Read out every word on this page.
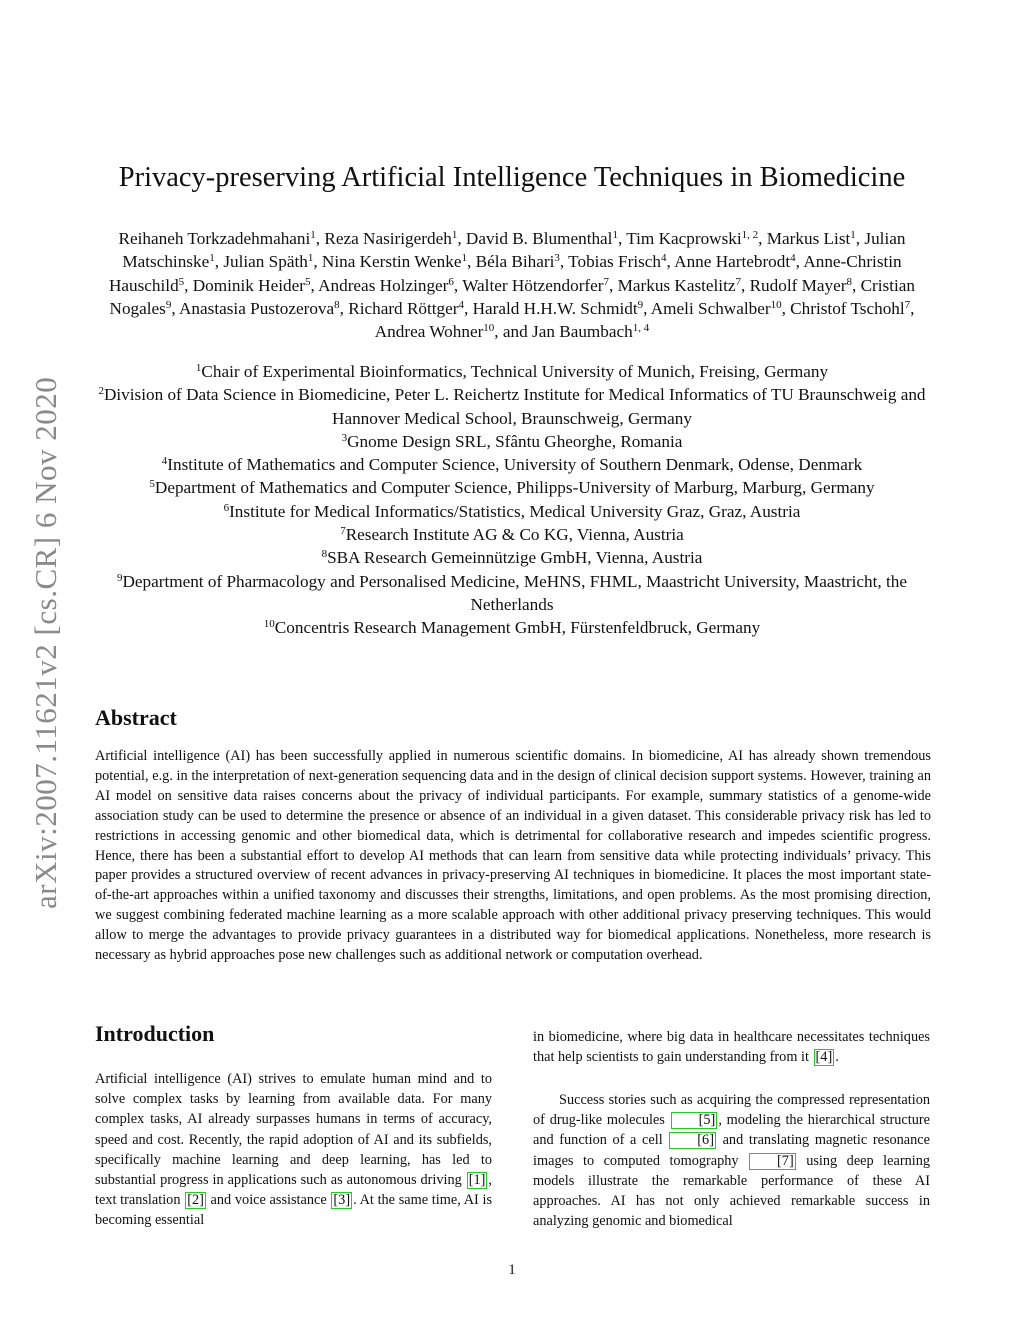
arXiv:2007.11621v2 [cs.CR] 6 Nov 2020
Privacy-preserving Artificial Intelligence Techniques in Biomedicine
Reihaneh Torkzadehmahani$^1$, Reza Nasirigerdeh$^1$, David B. Blumenthal$^1$, Tim Kacprowski$^{1, 2}$, Markus List$^1$, Julian Matschinske$^1$, Julian Späth$^1$, Nina Kerstin Wenke$^1$, Béla Bihari$^3$, Tobias Frisch$^4$, Anne Hartebrodt$^4$, Anne-Christin Hauschild$^5$, Dominik Heider$^5$, Andreas Holzinger$^6$, Walter Hötzendorfer$^7$, Markus Kastelitz$^7$, Rudolf Mayer$^8$, Cristian Nogales$^9$, Anastasia Pustozerova$^8$, Richard Röttger$^4$, Harald H.H.W. Schmidt$^9$, Ameli Schwalber$^{10}$, Christof Tschohl$^7$, Andrea Wohner$^{10}$, and Jan Baumbach$^{1, 4}$
$^1$Chair of Experimental Bioinformatics, Technical University of Munich, Freising, Germany
$^2$Division of Data Science in Biomedicine, Peter L. Reichertz Institute for Medical Informatics of TU Braunschweig and Hannover Medical School, Braunschweig, Germany
$^3$Gnome Design SRL, Sfântu Gheorghe, Romania
$^4$Institute of Mathematics and Computer Science, University of Southern Denmark, Odense, Denmark
$^5$Department of Mathematics and Computer Science, Philipps-University of Marburg, Marburg, Germany
$^6$Institute for Medical Informatics/Statistics, Medical University Graz, Graz, Austria
$^7$Research Institute AG & Co KG, Vienna, Austria
$^8$SBA Research Gemeinnützige GmbH, Vienna, Austria
$^9$Department of Pharmacology and Personalised Medicine, MeHNS, FHML, Maastricht University, Maastricht, the Netherlands
$^{10}$Concentris Research Management GmbH, Fürstenfeldbruck, Germany
Abstract

Artificial intelligence (AI) has been successfully applied in numerous scientific domains. In biomedicine, AI has already shown tremendous potential, e.g. in the interpretation of next-generation sequencing data and in the design of clinical decision support systems. However, training an AI model on sensitive data raises concerns about the privacy of individual participants. For example, summary statistics of a genome-wide association study can be used to determine the presence or absence of an individual in a given dataset. This considerable privacy risk has led to restrictions in accessing genomic and other biomedical data, which is detrimental for collaborative research and impedes scientific progress. Hence, there has been a substantial effort to develop AI methods that can learn from sensitive data while protecting individuals’ privacy. This paper provides a structured overview of recent advances in privacy-preserving AI techniques in biomedicine. It places the most important state-of-the-art approaches within a unified taxonomy and discusses their strengths, limitations, and open problems. As the most promising direction, we suggest combining federated machine learning as a more scalable approach with other additional privacy preserving techniques. This would allow to merge the advantages to provide privacy guarantees in a distributed way for biomedical applications. Nonetheless, more research is necessary as hybrid approaches pose new challenges such as additional network or computation overhead.

Introduction

Artificial intelligence (AI) strives to emulate human mind and to solve complex tasks by learning from available data. For many complex tasks, AI already surpasses humans in terms of accuracy, speed and cost. Recently, the rapid adoption of AI and its subfields, specifically machine learning and deep learning, has led to substantial progress in applications such as autonomous driving [1] , text translation [2] and voice assistance [3] . At the same time, AI is becoming essential

in biomedicine, where big data in healthcare necessitates techniques that help scientists to gain understanding from it [4] .

Success stories such as acquiring the compressed representation of drug-like molecules [5] , modeling the hierarchical structure and function of a cell [6] and translating magnetic resonance images to computed tomography [7] using deep learning models illustrate the remarkable performance of these AI approaches. AI has not only achieved remarkable success in analyzing genomic and biomedical

1
